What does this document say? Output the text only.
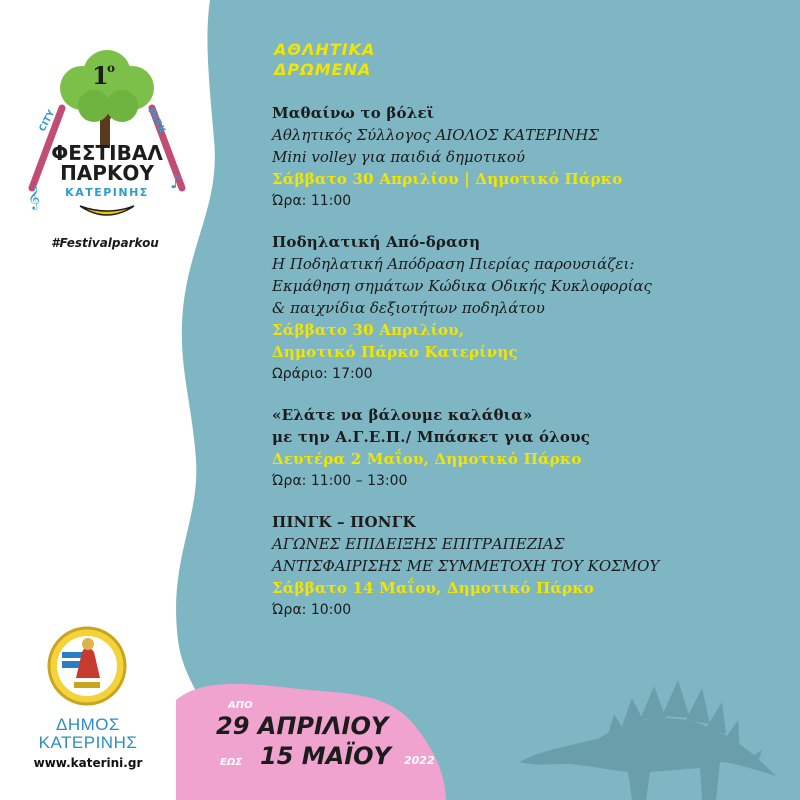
1
ο
CITY	PARK
ΦΕΣΤΙΒΑΛ
ΠΑΡΚΟΥ
ΚΑΤΕΡΙΝΗΣ
𝄞
♪
#Festivalparkou
ΔΗΜΟΣ
ΚΑΤΕΡΙΝΗΣ
www.katerini.gr
ΑΘΛΗΤΙΚΑ
ΔΡΩΜΕΝΑ
Μαθαίνω το βόλεϊ
Αθλητικός Σύλλογος ΑΙΟΛΟΣ ΚΑΤΕΡΙΝΗΣ
Mini volley για παιδιά δημοτικού
Σάββατο 30 Απριλίου | Δημοτικό Πάρκο
Ώρα: 11:00
Ποδηλατική Από-δραση
Η Ποδηλατική Απόδραση Πιερίας παρουσιάζει:
Εκμάθηση σημάτων Κώδικα Οδικής Κυκλοφορίας
& παιχνίδια δεξιοτήτων ποδηλάτου
Σάββατο 30 Απριλίου,
Δημοτικό Πάρκο Κατερίνης
Ωράριο: 17:00
«Ελάτε να βάλουμε καλάθια»
με την Α.Γ.Ε.Π./ Μπάσκετ για όλους
Δευτέρα 2 Μαΐου, Δημοτικό Πάρκο
Ώρα: 11:00 – 13:00
ΠΙΝΓΚ – ΠΟΝΓΚ
ΑΓΩΝΕΣ ΕΠΙΔΕΙΞΗΣ ΕΠΙΤΡΑΠΕΖΙΑΣ
ΑΝΤΙΣΦΑΙΡΙΣΗΣ ΜΕ ΣΥΜΜΕΤΟΧΗ ΤΟΥ ΚΟΣΜΟΥ
Σάββατο 14 Μαΐου, Δημοτικό Πάρκο
Ώρα: 10:00
ΑΠΟ
29 ΑΠΡΙΛΙΟΥ
ΕΩΣ 15 ΜΑΪΟΥ 2022
